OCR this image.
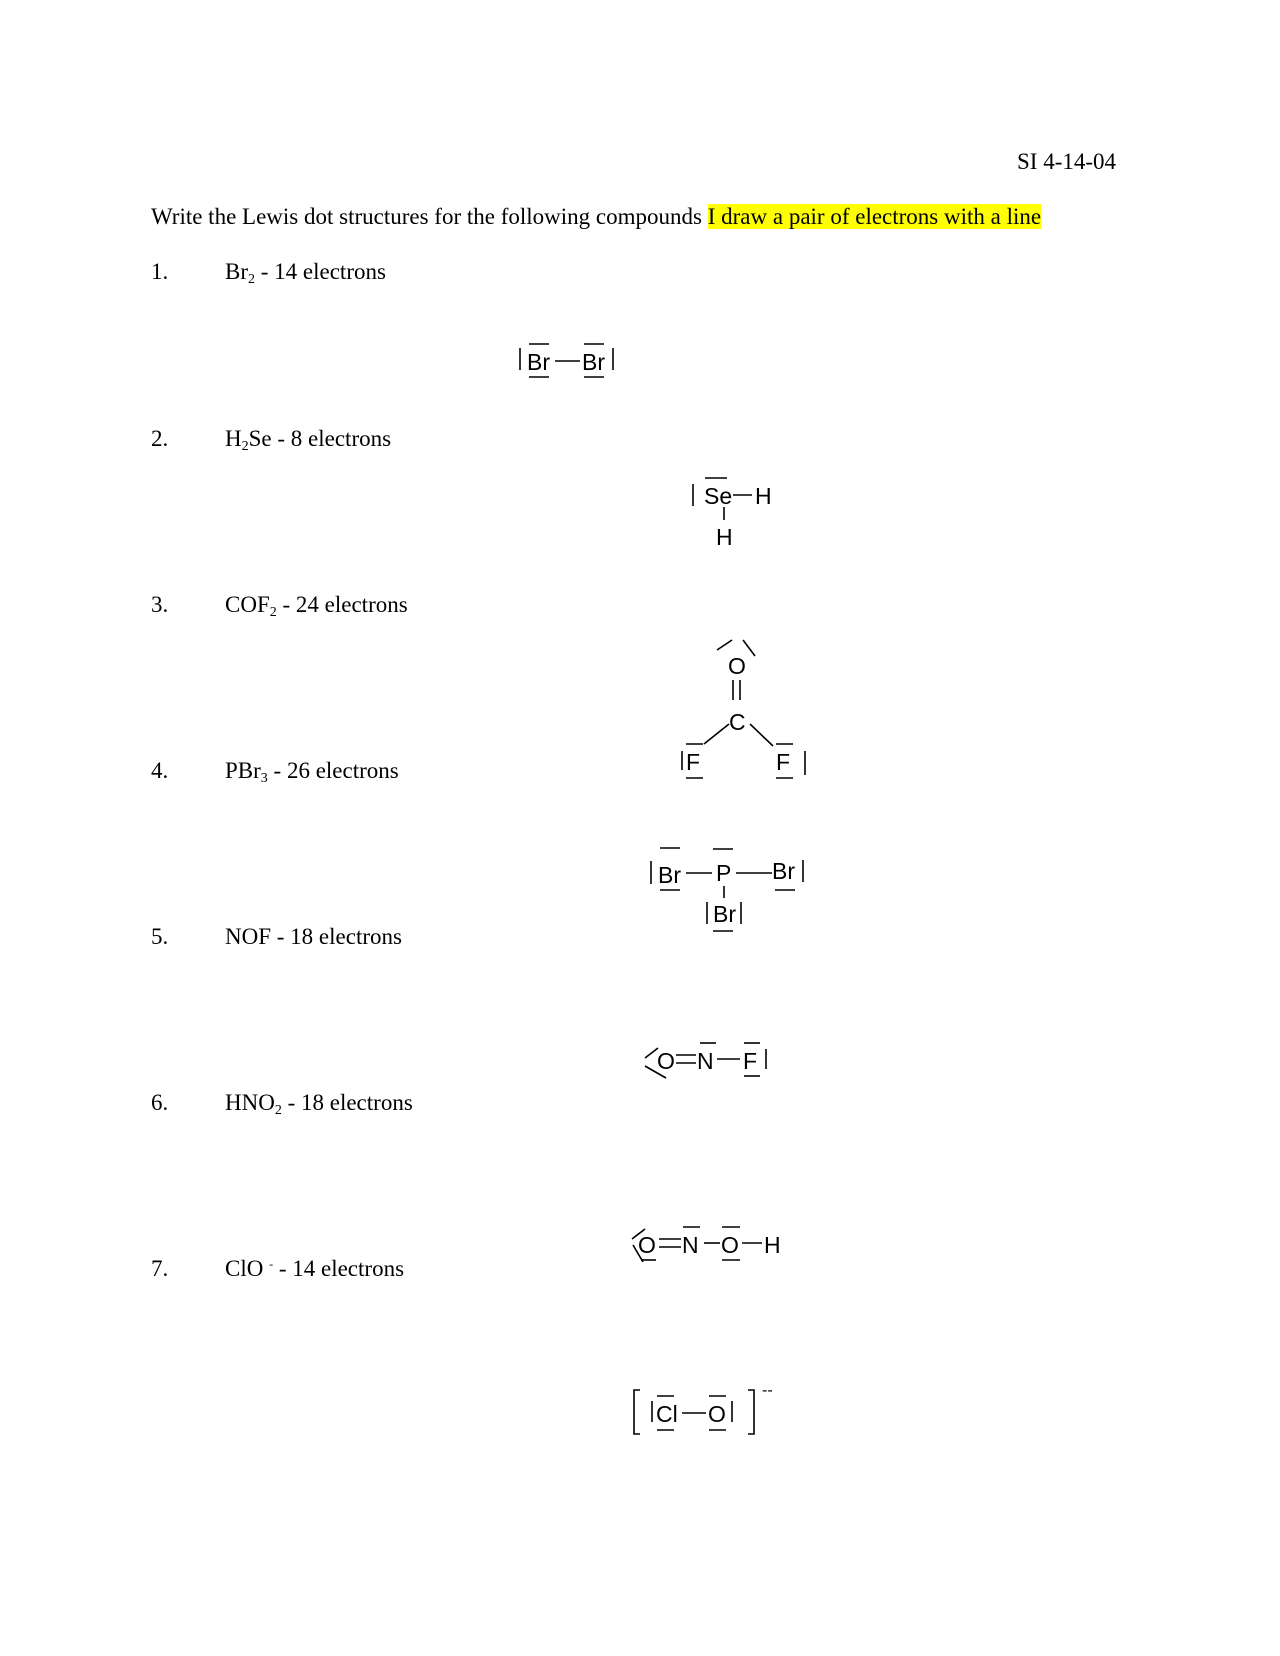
SI 4-14-04
Write the Lewis dot structures for the following compounds I draw a pair of electrons with a line
1. $Br_2 - 14$ electrons
2. $H_2Se - 8$ electrons
3. $COF_2 - 24$ electrons
4. PBr$_3$ - 26 electrons
5. NOF - 18 electrons
6. $HNO_2 - 18$ electrons
7. ClO - - 14 electrons
Br Br
Se H
H
O
C
F	F
Br P Br
Br
O N F
O N O H
Cl O
--
